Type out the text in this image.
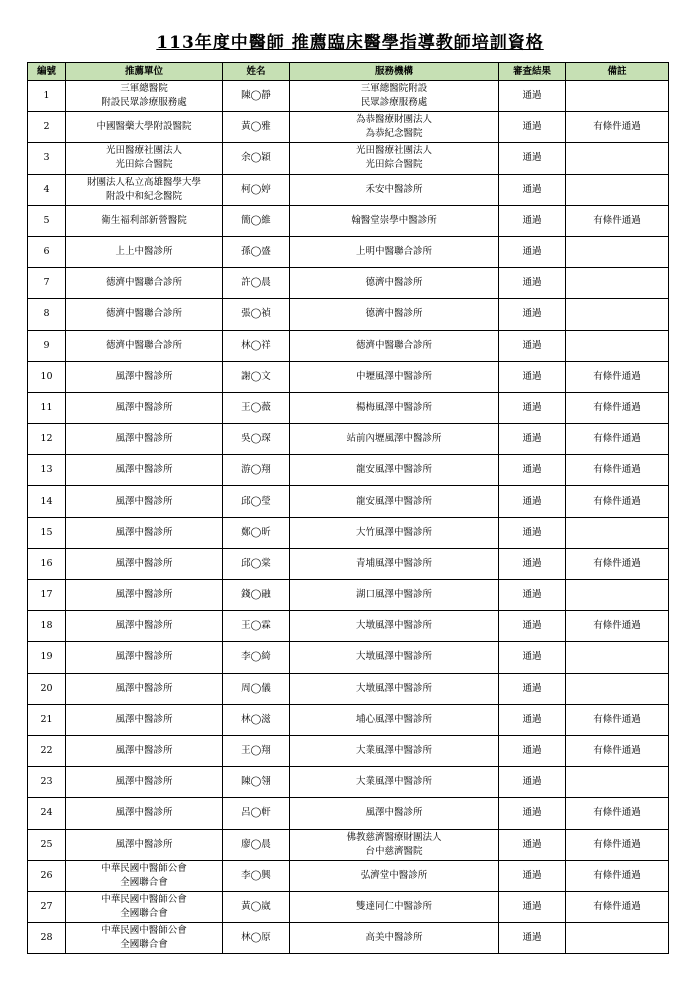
113年度中醫師 推薦臨床醫學指導教師培訓資格
編號	推薦單位	姓名	服務機構	審查結果	備註
1	三軍總醫院
附設民眾診療服務處	陳◯靜	三軍總醫院附設
民眾診療服務處	通過	
2	中國醫藥大學附設醫院	黃◯雅	為恭醫療財團法人
為恭紀念醫院	通過	有條件通過
3	光田醫療社團法人
光田綜合醫院	余◯穎	光田醫療社團法人
光田綜合醫院	通過	
4	財團法人私立高雄醫學大學
附設中和紀念醫院	柯◯婷	禾安中醫診所	通過	
5	衛生福利部新營醫院	簡◯維	翰醫堂崇學中醫診所	通過	有條件通過
6	上上中醫診所	孫◯盛	上明中醫聯合診所	通過	
7	德濟中醫聯合診所	許◯晨	德濟中醫診所	通過	
8	德濟中醫聯合診所	張◯禎	德濟中醫診所	通過	
9	德濟中醫聯合診所	林◯祥	德濟中醫聯合診所	通過	
10	風澤中醫診所	謝◯文	中壢風澤中醫診所	通過	有條件通過
11	風澤中醫診所	王◯薇	楊梅風澤中醫診所	通過	有條件通過
12	風澤中醫診所	吳◯琛	站前內壢風澤中醫診所	通過	有條件通過
13	風澤中醫診所	游◯翔	龍安風澤中醫診所	通過	有條件通過
14	風澤中醫診所	邱◯瑩	龍安風澤中醫診所	通過	有條件通過
15	風澤中醫診所	鄭◯昕	大竹風澤中醫診所	通過	
16	風澤中醫診所	邱◯棠	青埔風澤中醫診所	通過	有條件通過
17	風澤中醫診所	錢◯融	湖口風澤中醫診所	通過	
18	風澤中醫診所	王◯霖	大墩風澤中醫診所	通過	有條件通過
19	風澤中醫診所	李◯綺	大墩風澤中醫診所	通過	
20	風澤中醫診所	周◯儀	大墩風澤中醫診所	通過	
21	風澤中醫診所	林◯滋	埔心風澤中醫診所	通過	有條件通過
22	風澤中醫診所	王◯翔	大業風澤中醫診所	通過	有條件通過
23	風澤中醫診所	陳◯翎	大業風澤中醫診所	通過	
24	風澤中醫診所	呂◯軒	風澤中醫診所	通過	有條件通過
25	風澤中醫診所	廖◯晨	佛教慈濟醫療財團法人
台中慈濟醫院	通過	有條件通過
26	中華民國中醫師公會
全國聯合會	李◯興	弘濟堂中醫診所	通過	有條件通過
27	中華民國中醫師公會
全國聯合會	黃◯崴	雙達同仁中醫診所	通過	有條件通過
28	中華民國中醫師公會
全國聯合會	林◯原	高美中醫診所	通過	
